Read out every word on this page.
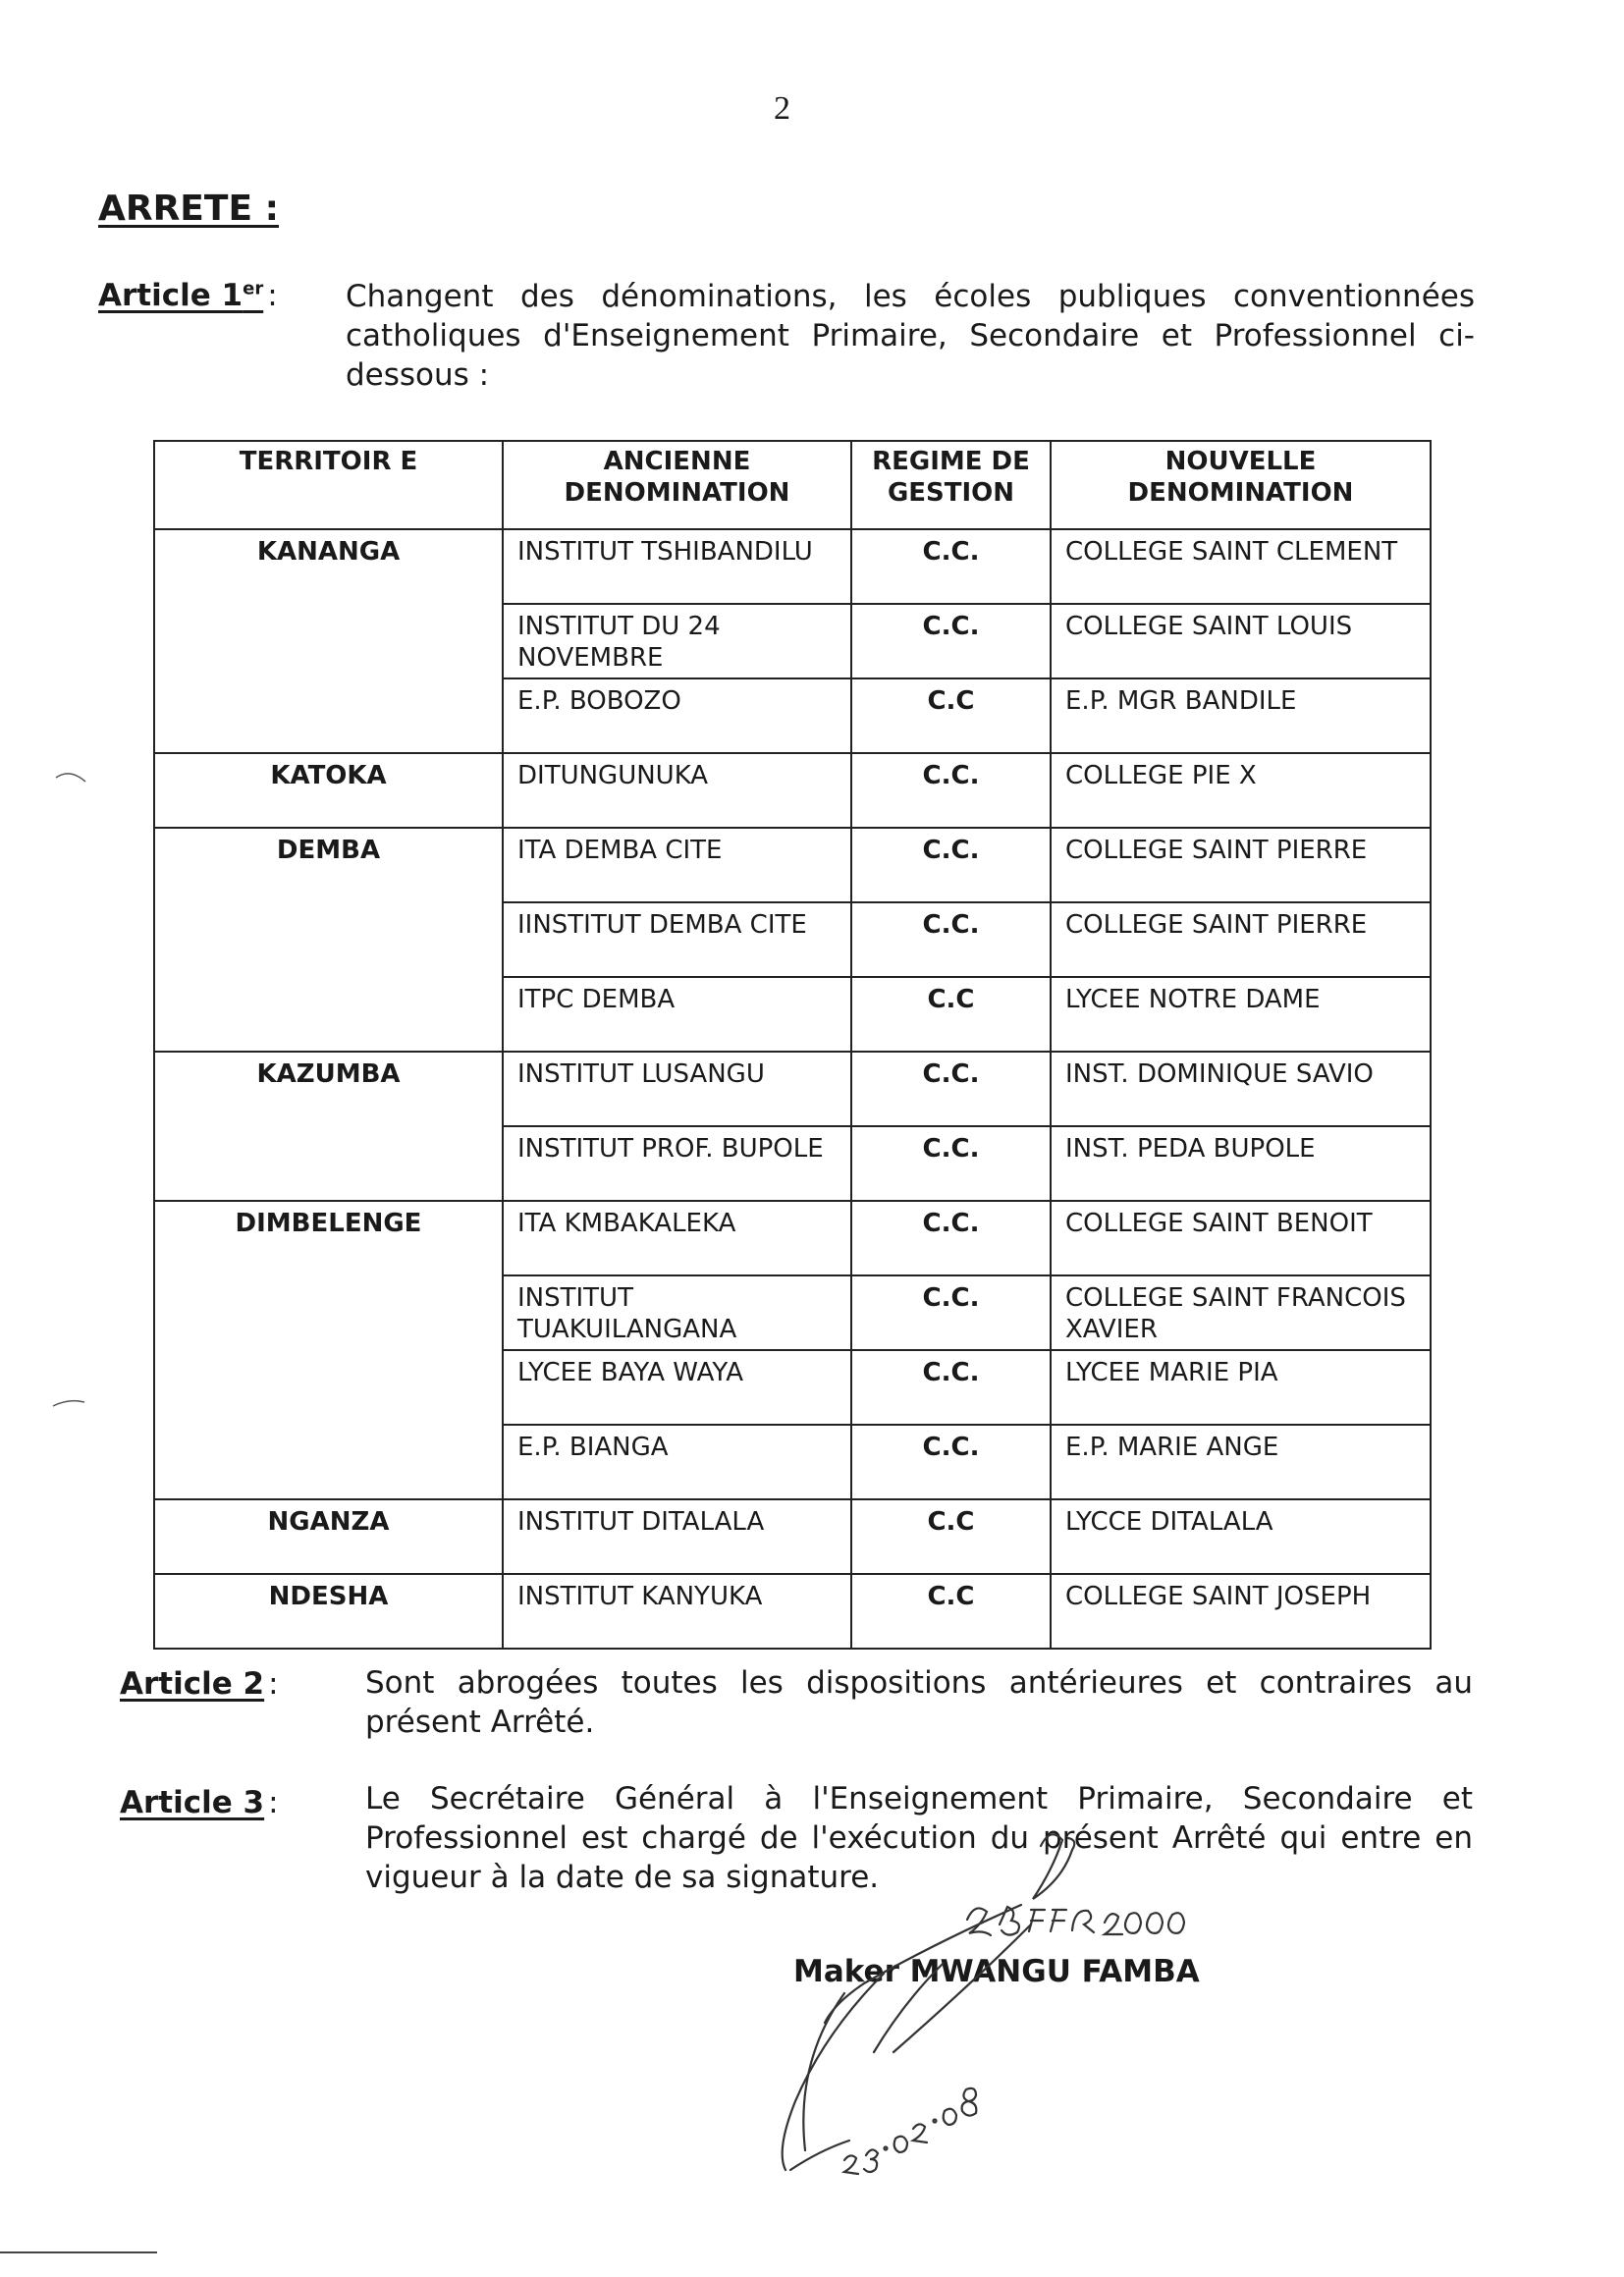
2
ARRETE :
Article 1er : Changent des dénominations, les écoles publiques conventionnées catholiques d'Enseignement Primaire, Secondaire et Professionnel ci-dessous :
TERRITOIR E	ANCIENNE DENOMINATION	REGIME DE GESTION	NOUVELLE DENOMINATION
KANANGA	INSTITUT TSHIBANDILU	C.C.	COLLEGE SAINT CLEMENT
	INSTITUT DU 24 NOVEMBRE	C.C.	COLLEGE SAINT LOUIS
	E.P. BOBOZO	C.C	E.P. MGR BANDILE
KATOKA	DITUNGUNUKA	C.C.	COLLEGE PIE X
DEMBA	ITA DEMBA CITE	C.C.	COLLEGE SAINT PIERRE
	IINSTITUT DEMBA CITE	C.C.	COLLEGE SAINT PIERRE
	ITPC DEMBA	C.C	LYCEE NOTRE DAME
KAZUMBA	INSTITUT LUSANGU	C.C.	INST. DOMINIQUE SAVIO
	INSTITUT PROF. BUPOLE	C.C.	INST. PEDA BUPOLE
DIMBELENGE	ITA KMBAKALEKA	C.C.	COLLEGE SAINT BENOIT
	INSTITUT TUAKUILANGANA	C.C.	COLLEGE SAINT FRANCOIS XAVIER
	LYCEE BAYA WAYA	C.C.	LYCEE MARIE PIA
	E.P. BIANGA	C.C.	E.P. MARIE ANGE
NGANZA	INSTITUT DITALALA	C.C	LYCCE DITALALA
NDESHA	INSTITUT KANYUKA	C.C	COLLEGE SAINT JOSEPH
Article 2 :	Sont abrogées toutes les dispositions antérieures et contraires au présent Arrêté.
Article 3 :	Le Secrétaire Général à l'Enseignement Primaire, Secondaire et Professionnel est chargé de l'exécution du présent Arrêté qui entre en vigueur à la date de sa signature.
Maker MWANGU FAMBA
